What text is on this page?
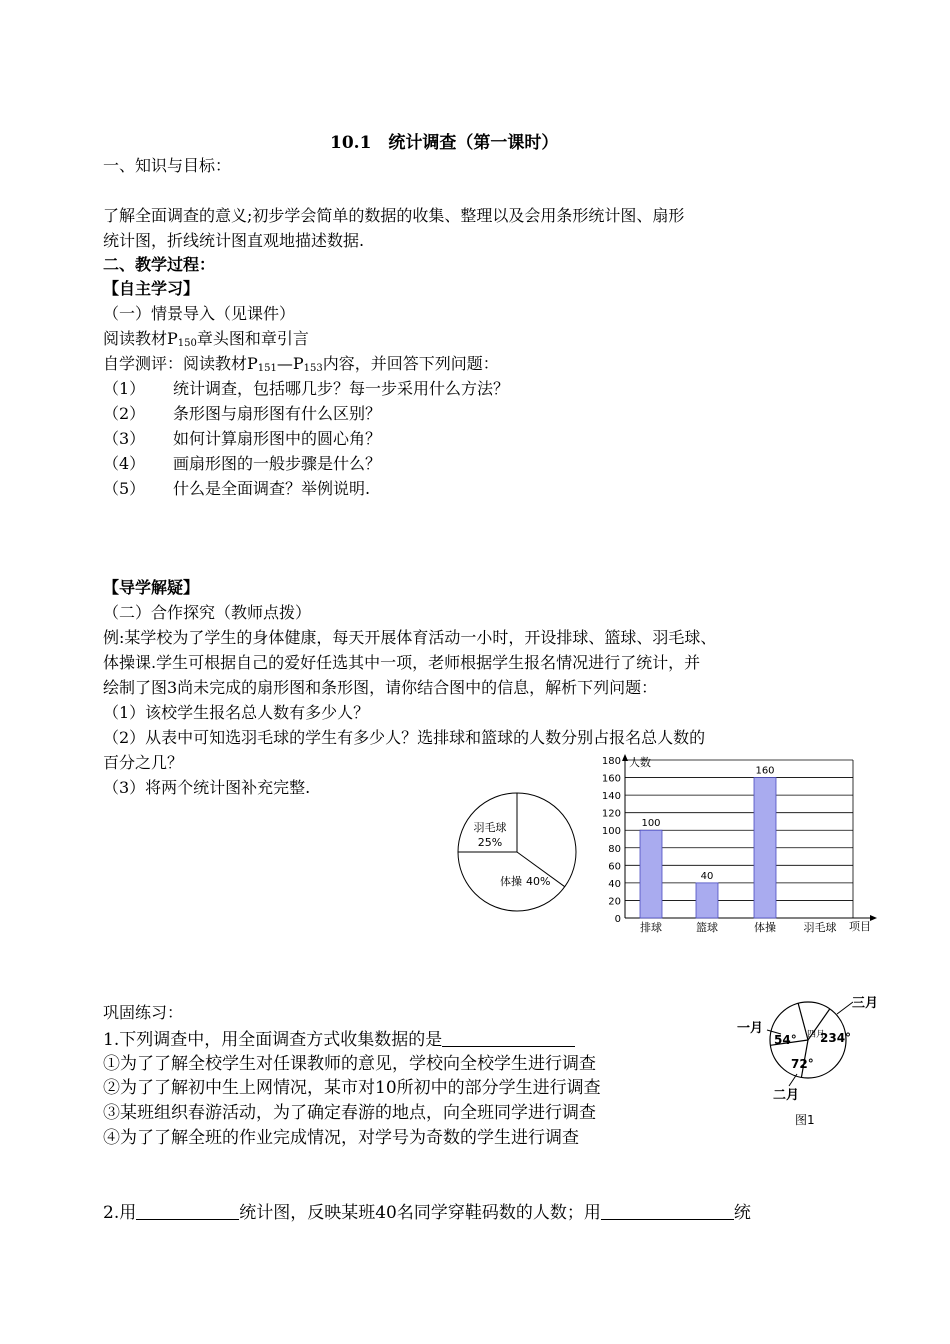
10.1　统计调查（第一课时）
一、知识与目标：
了解全面调查的意义;初步学会简单的数据的收集、整理以及会用条形统计图、扇形
统计图，折线统计图直观地描述数据.
二、教学过程：
【自主学习】
（一）情景导入（见课件）
阅读教材$P_{150}$章头图和章引言
自学测评：阅读教材$P_{151}—P_{153}$内容，并回答下列问题：
（1） 统计调查，包括哪几步？每一步采用什么方法？
（2） 条形图与扇形图有什么区别？
（3） 如何计算扇形图中的圆心角？
（4） 画扇形图的一般步骤是什么？
（5） 什么是全面调查？举例说明.
【导学解疑】
（二）合作探究（教师点拨）
例:某学校为了学生的身体健康，每天开展体育活动一小时，开设排球、篮球、羽毛球、
体操课.学生可根据自己的爱好任选其中一项，老师根据学生报名情况进行了统计，并
绘制了图3尚未完成的扇形图和条形图，请你结合图中的信息，解析下列问题：
（1）该校学生报名总人数有多少人？
（2）从表中可知选羽毛球的学生有多少人？选排球和篮球的人数分别占报名总人数的
百分之几？
（3）将两个统计图补充完整.
羽毛球
25%
体操 40%
0
20
40
60
80
100
120
140
160
180
100
40
160
排球	篮球	体操	羽毛球
人数
项目
巩固练习：
1.下列调查中，用全面调查方式收集数据的是
①为了了解全校学生对任课教师的意见，学校向全校学生进行调查
②为了了解初中生上网情况，某市对10所初中的部分学生进行调查
③某班组织春游活动，为了确定春游的地点，向全班同学进行调查
④为了了解全班的作业完成情况，对学号为奇数的学生进行调查
一月
二月
三月
四月
54°
72°
234°
图1
2.用	统计图，反映某班40名同学穿鞋码数的人数；用	统
